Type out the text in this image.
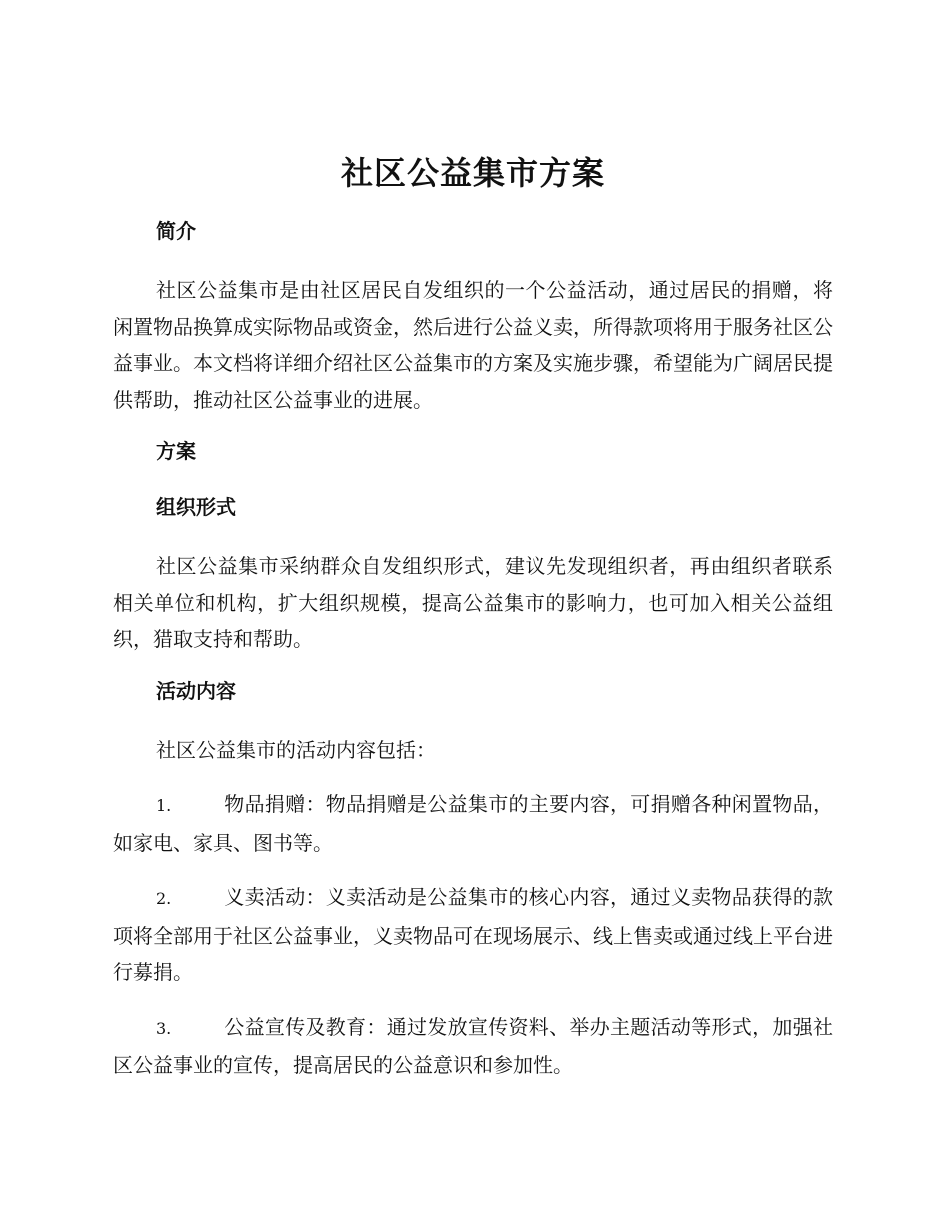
社区公益集市方案
简介

社区公益集市是由社区居民自发组织的一个公益活动，通过居民的捐赠，将闲置物品换算成实际物品或资金，然后进行公益义卖，所得款项将用于服务社区公益事业。本文档将详细介绍社区公益集市的方案及实施步骤，希望能为广阔居民提供帮助，推动社区公益事业的进展。

方案
组织形式

社区公益集市采纳群众自发组织形式，建议先发现组织者，再由组织者联系相关单位和机构，扩大组织规模，提高公益集市的影响力，也可加入相关公益组织，猎取支持和帮助。

活动内容

社区公益集市的活动内容包括：

1.	物品捐赠：物品捐赠是公益集市的主要内容，可捐赠各种闲置物品，如家电、家具、图书等。

2.	义卖活动：义卖活动是公益集市的核心内容，通过义卖物品获得的款项将全部用于社区公益事业，义卖物品可在现场展示、线上售卖或通过线上平台进行募捐。

3.	公益宣传及教育：通过发放宣传资料、举办主题活动等形式，加强社区公益事业的宣传，提高居民的公益意识和参加性。
